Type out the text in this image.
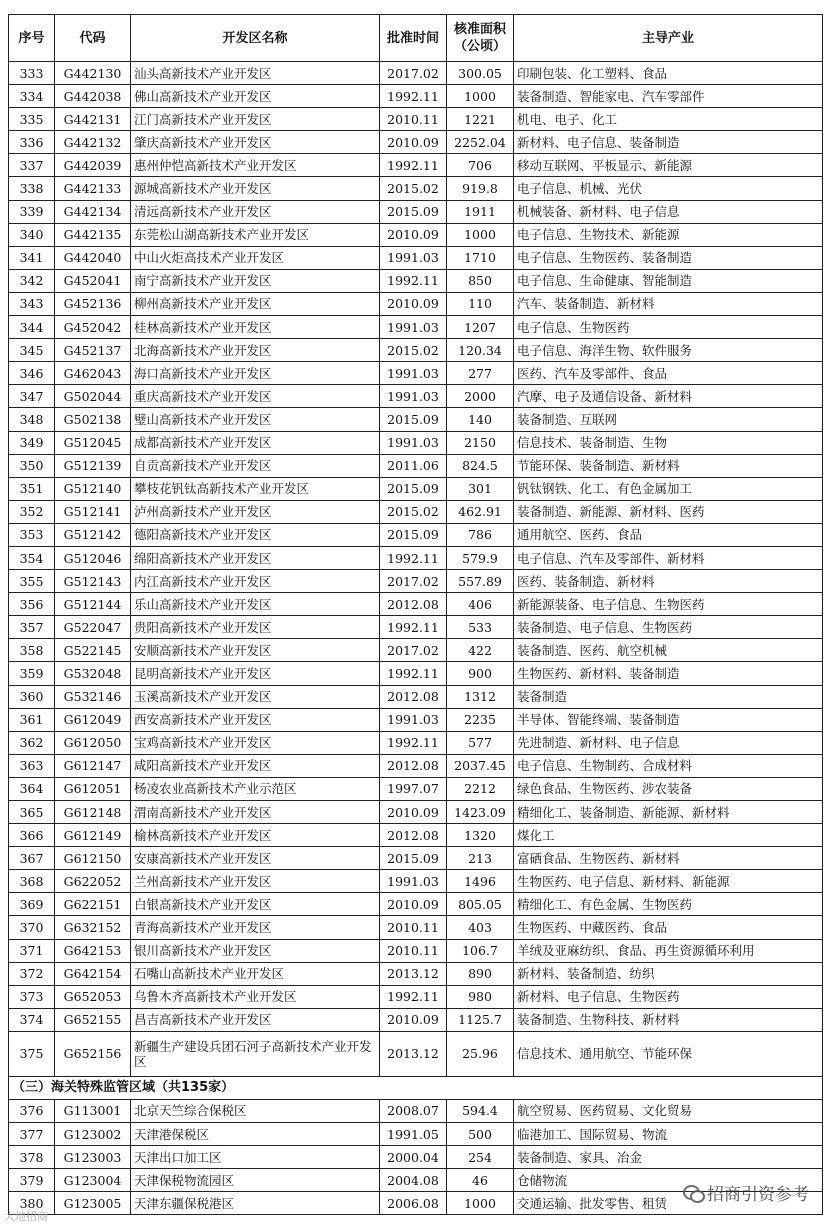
序号	代码	开发区名称	批准时间	核准面积（公顷）	主导产业
333	G442130	汕头高新技术产业开发区	2017.02	300.05	印刷包装、化工塑料、食品
334	G442038	佛山高新技术产业开发区	1992.11	1000	装备制造、智能家电、汽车零部件
335	G442131	江门高新技术产业开发区	2010.11	1221	机电、电子、化工
336	G442132	肇庆高新技术产业开发区	2010.09	2252.04	新材料、电子信息、装备制造
337	G442039	惠州仲恺高新技术产业开发区	1992.11	706	移动互联网、平板显示、新能源
338	G442133	源城高新技术产业开发区	2015.02	919.8	电子信息、机械、光伏
339	G442134	清远高新技术产业开发区	2015.09	1911	机械装备、新材料、电子信息
340	G442135	东莞松山湖高新技术产业开发区	2010.09	1000	电子信息、生物技术、新能源
341	G442040	中山火炬高技术产业开发区	1991.03	1710	电子信息、生物医药、装备制造
342	G452041	南宁高新技术产业开发区	1992.11	850	电子信息、生命健康、智能制造
343	G452136	柳州高新技术产业开发区	2010.09	110	汽车、装备制造、新材料
344	G452042	桂林高新技术产业开发区	1991.03	1207	电子信息、生物医药
345	G452137	北海高新技术产业开发区	2015.02	120.34	电子信息、海洋生物、软件服务
346	G462043	海口高新技术产业开发区	1991.03	277	医药、汽车及零部件、食品
347	G502044	重庆高新技术产业开发区	1991.03	2000	汽摩、电子及通信设备、新材料
348	G502138	璧山高新技术产业开发区	2015.09	140	装备制造、互联网
349	G512045	成都高新技术产业开发区	1991.03	2150	信息技术、装备制造、生物
350	G512139	自贡高新技术产业开发区	2011.06	824.5	节能环保、装备制造、新材料
351	G512140	攀枝花钒钛高新技术产业开发区	2015.09	301	钒钛钢铁、化工、有色金属加工
352	G512141	泸州高新技术产业开发区	2015.02	462.91	装备制造、新能源、新材料、医药
353	G512142	德阳高新技术产业开发区	2015.09	786	通用航空、医药、食品
354	G512046	绵阳高新技术产业开发区	1992.11	579.9	电子信息、汽车及零部件、新材料
355	G512143	内江高新技术产业开发区	2017.02	557.89	医药、装备制造、新材料
356	G512144	乐山高新技术产业开发区	2012.08	406	新能源装备、电子信息、生物医药
357	G522047	贵阳高新技术产业开发区	1992.11	533	装备制造、电子信息、生物医药
358	G522145	安顺高新技术产业开发区	2017.02	422	装备制造、医药、航空机械
359	G532048	昆明高新技术产业开发区	1992.11	900	生物医药、新材料、装备制造
360	G532146	玉溪高新技术产业开发区	2012.08	1312	装备制造
361	G612049	西安高新技术产业开发区	1991.03	2235	半导体、智能终端、装备制造
362	G612050	宝鸡高新技术产业开发区	1992.11	577	先进制造、新材料、电子信息
363	G612147	咸阳高新技术产业开发区	2012.08	2037.45	电子信息、生物制药、合成材料
364	G612051	杨凌农业高新技术产业示范区	1997.07	2212	绿色食品、生物医药、涉农装备
365	G612148	渭南高新技术产业开发区	2010.09	1423.09	精细化工、装备制造、新能源、新材料
366	G612149	榆林高新技术产业开发区	2012.08	1320	煤化工
367	G612150	安康高新技术产业开发区	2015.09	213	富硒食品、生物医药、新材料
368	G622052	兰州高新技术产业开发区	1991.03	1496	生物医药、电子信息、新材料、新能源
369	G622151	白银高新技术产业开发区	2010.09	805.05	精细化工、有色金属、生物医药
370	G632152	青海高新技术产业开发区	2010.11	403	生物医药、中藏医药、食品
371	G642153	银川高新技术产业开发区	2010.11	106.7	羊绒及亚麻纺织、食品、再生资源循环利用
372	G642154	石嘴山高新技术产业开发区	2013.12	890	新材料、装备制造、纺织
373	G652053	乌鲁木齐高新技术产业开发区	1992.11	980	新材料、电子信息、生物医药
374	G652155	昌吉高新技术产业开发区	2010.09	1125.7	装备制造、生物科技、新材料
375	G652156	新疆生产建设兵团石河子高新技术产业开发区	2013.12	25.96	信息技术、通用航空、节能环保
（三）海关特殊监管区域（共135家）					
376	G113001	北京天竺综合保税区	2008.07	594.4	航空贸易、医药贸易、文化贸易
377	G123002	天津港保税区	1991.05	500	临港加工、国际贸易、物流
378	G123003	天津出口加工区	2000.04	254	装备制造、家具、冶金
379	G123004	天津保税物流园区	2004.08	46	仓储物流
380	G123005	天津东疆保税港区	2006.08	1000	交通运输、批发零售、租赁 招商引资参考
大地招商
